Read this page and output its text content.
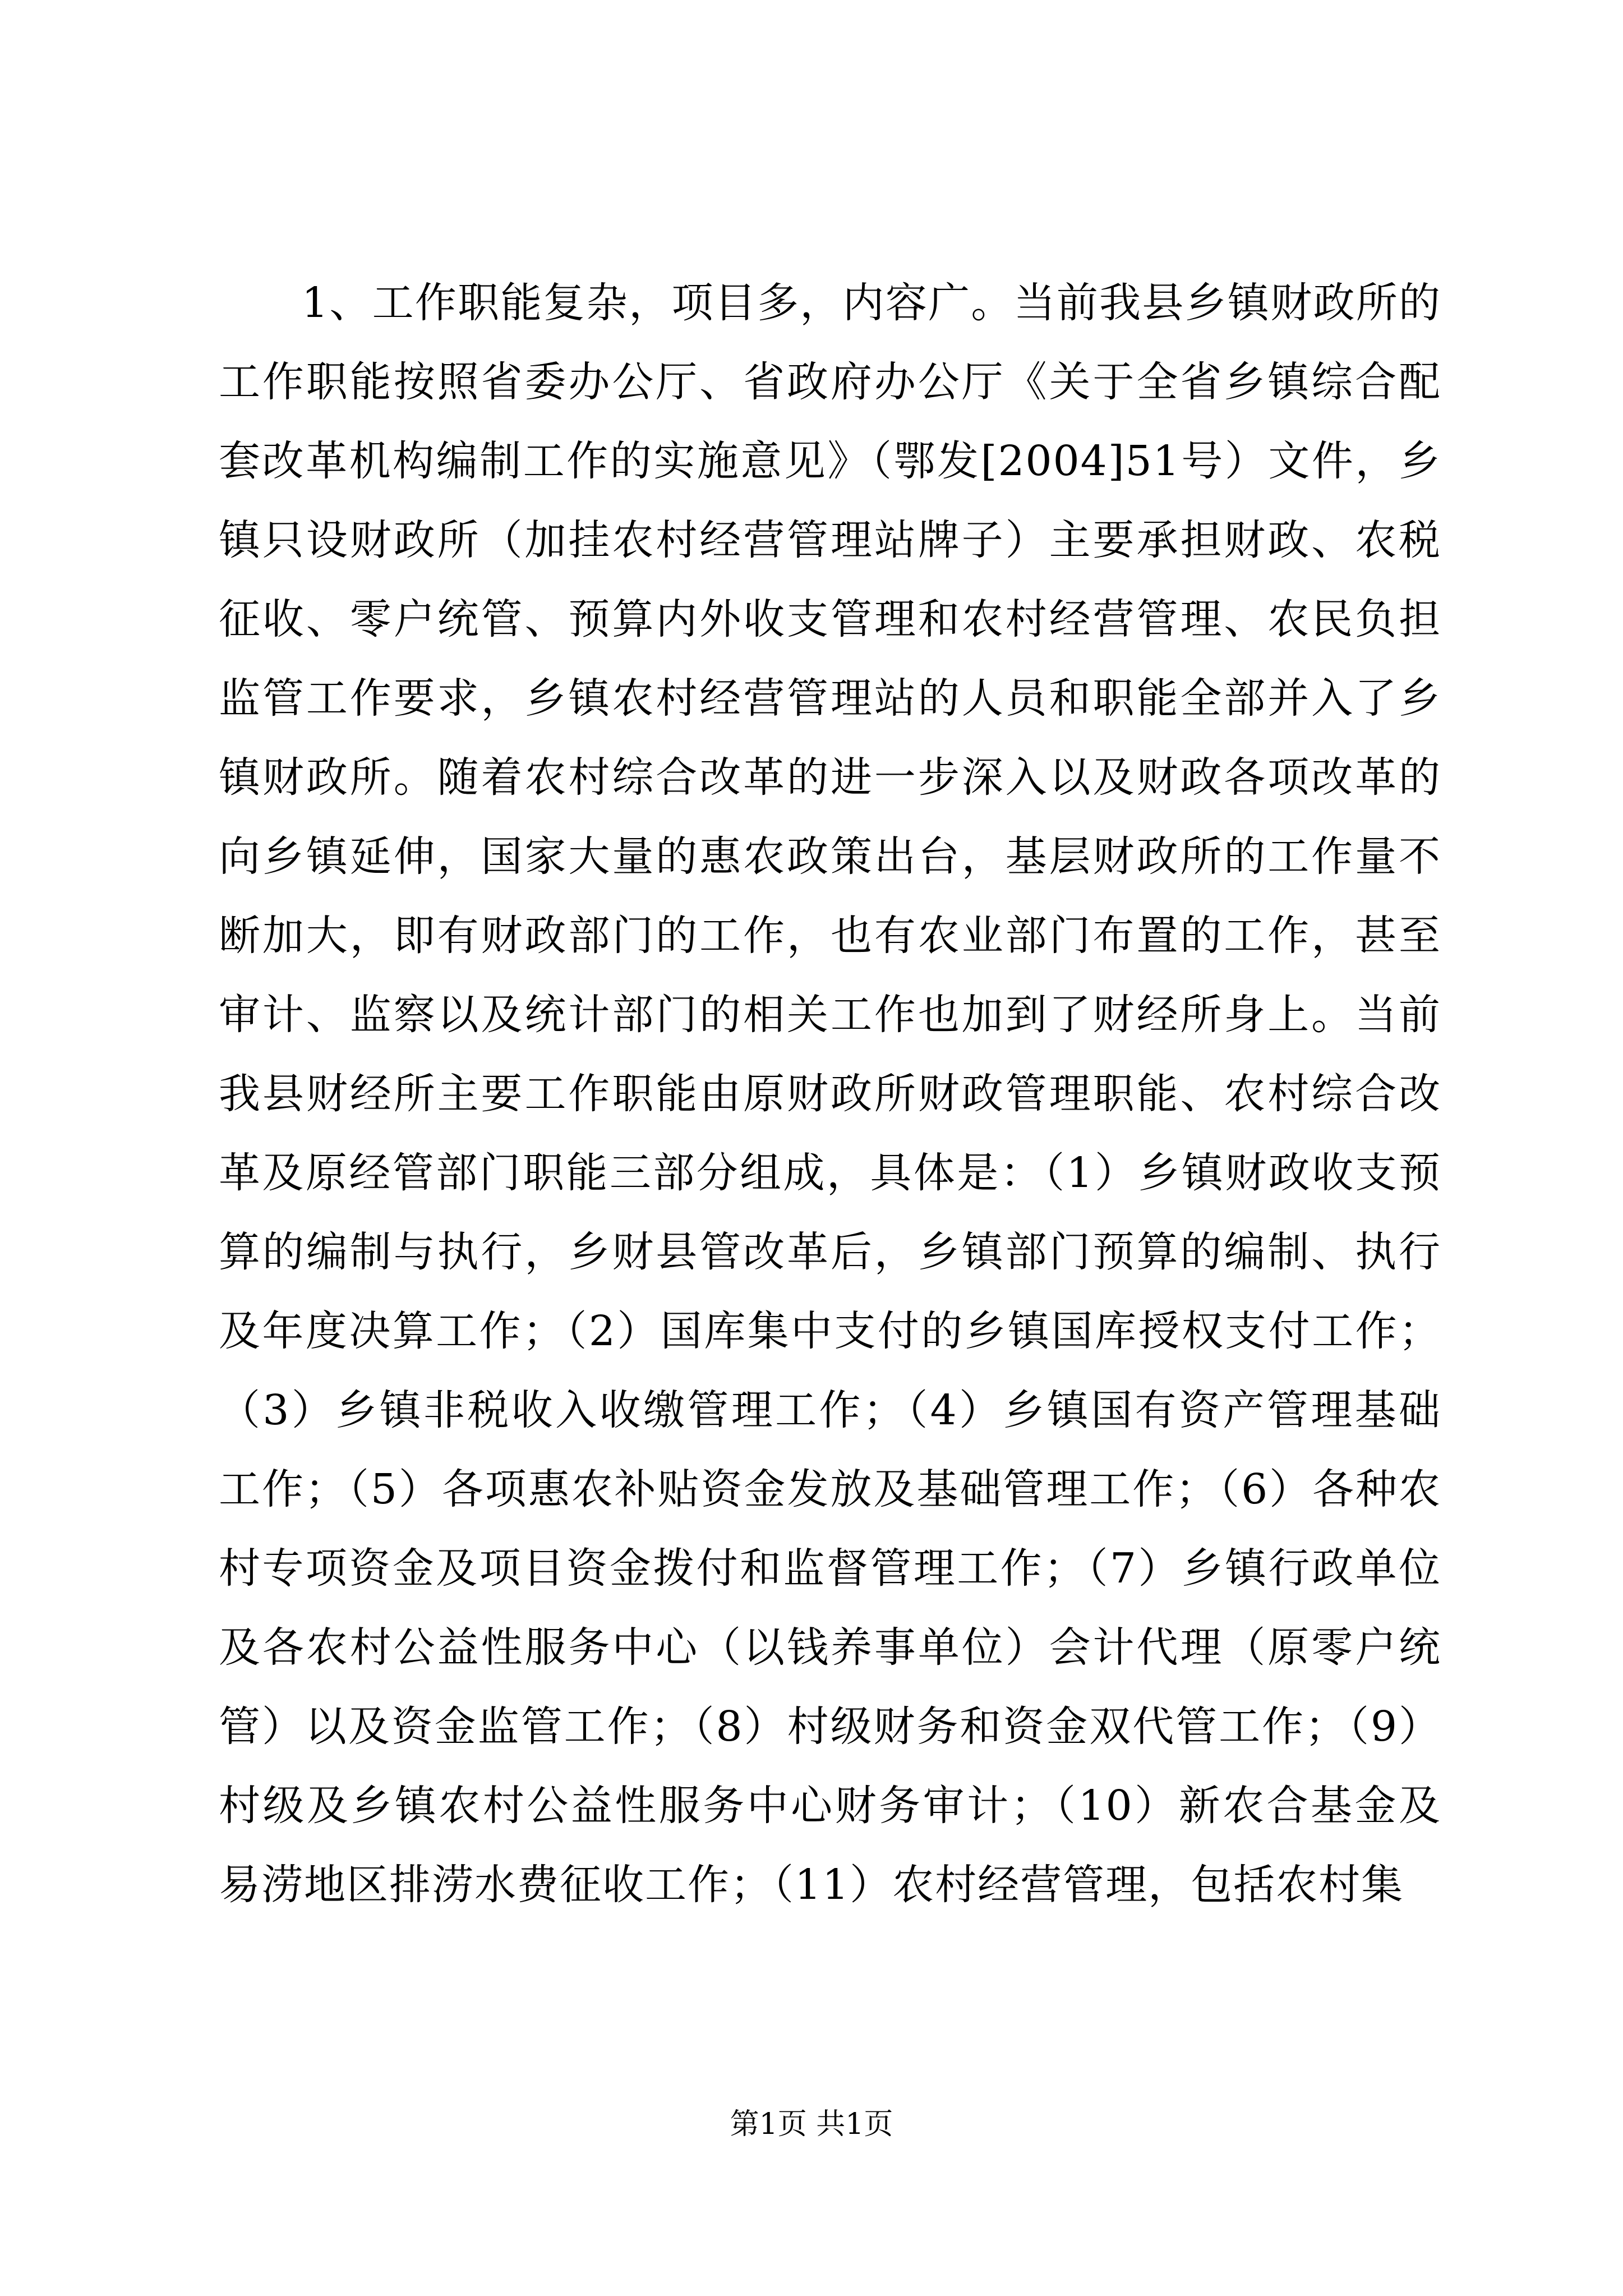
1、工作职能复杂，项目多，内容广。当前我县乡镇财政所的工作职能按照省委办公厅、省政府办公厅《关于全省乡镇综合配套改革机构编制工作的实施意见》（鄂发[2004]51号）文件，乡镇只设财政所（加挂农村经营管理站牌子）主要承担财政、农税征收、零户统管、预算内外收支管理和农村经营管理、农民负担监管工作要求，乡镇农村经营管理站的人员和职能全部并入了乡镇财政所。随着农村综合改革的进一步深入以及财政各项改革的向乡镇延伸，国家大量的惠农政策出台，基层财政所的工作量不断加大，即有财政部门的工作，也有农业部门布置的工作，甚至审计、监察以及统计部门的相关工作也加到了财经所身上。当前我县财经所主要工作职能由原财政所财政管理职能、农村综合改革及原经管部门职能三部分组成，具体是：（1）乡镇财政收支预算的编制与执行，乡财县管改革后，乡镇部门预算的编制、执行及年度决算工作；（2）国库集中支付的乡镇国库授权支付工作；（3）乡镇非税收入收缴管理工作；（4）乡镇国有资产管理基础工作；（5）各项惠农补贴资金发放及基础管理工作；（6）各种农村专项资金及项目资金拨付和监督管理工作；（7）乡镇行政单位及各农村公益性服务中心（以钱养事单位）会计代理（原零户统管）以及资金监管工作；（8）村级财务和资金双代管工作；（9）村级及乡镇农村公益性服务中心财务审计；（10）新农合基金及易涝地区排涝水费征收工作；（11）农村经营管理，包括农村集

第1页 共1页
